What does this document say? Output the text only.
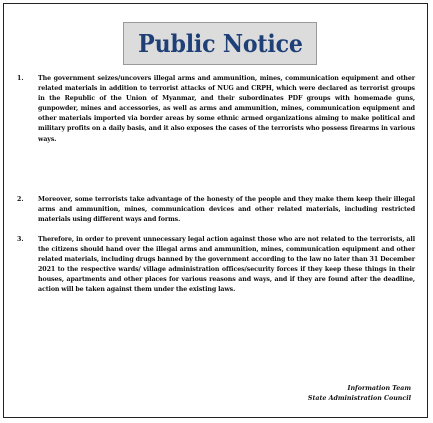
Public Notice
1. The government seizes/uncovers illegal arms and ammunition, mines, communication equipment and other related materials in addition to terrorist attacks of NUG and CRPH, which were declared as terrorist groups in the Republic of the Union of Myanmar, and their subordinates PDF groups with homemade guns, gunpowder, mines and accessories, as well as arms and ammunition, mines, communication equipment and other materials imported via border areas by some ethnic armed organizations aiming to make political and military profits on a daily basis, and it also exposes the cases of the terrorists who possess firearms in various ways.

2. Moreover, some terrorists take advantage of the honesty of the people and they make them keep their illegal arms and ammunition, mines, communication devices and other related materials, including restricted materials using different ways and forms.

3. Therefore, in order to prevent unnecessary legal action against those who are not related to the terrorists, all the citizens should hand over the illegal arms and ammunition, mines, communication equipment and other related materials, including drugs banned by the government according to the law no later than 31 December 2021 to the respective wards/ village administration offices/security forces if they keep these things in their houses, apartments and other places for various reasons and ways, and if they are found after the deadline, action will be taken against them under the existing laws.

Information Team
State Administration Council
